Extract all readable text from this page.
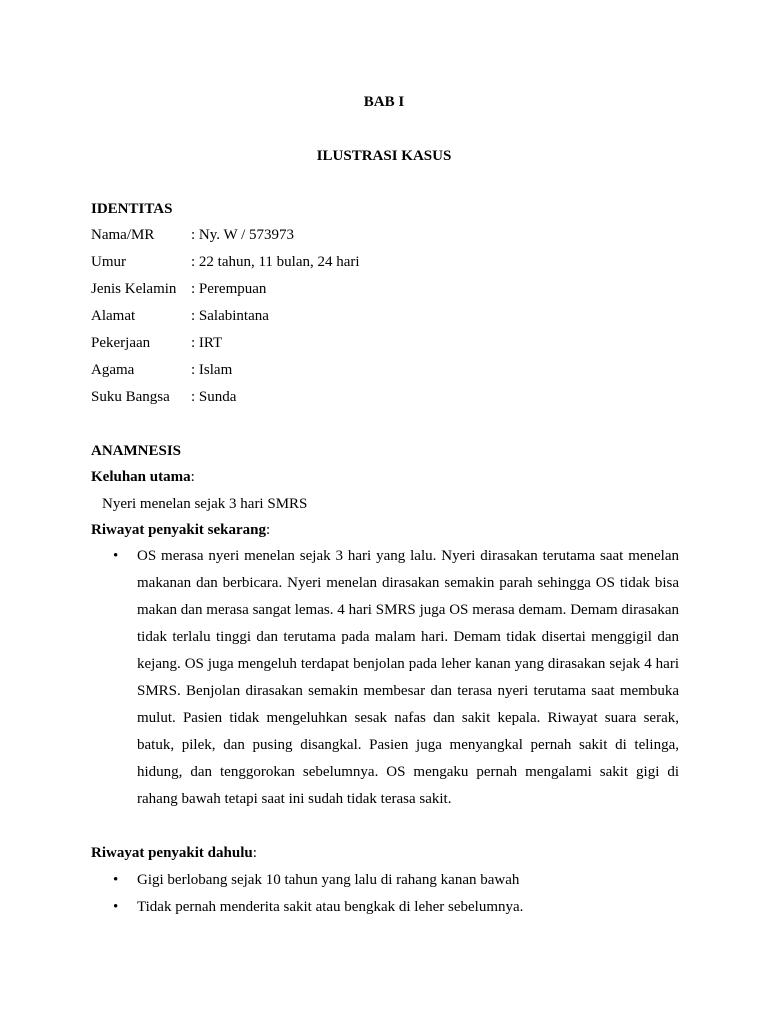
BAB I
ILUSTRASI KASUS
IDENTITAS
Nama/MR : Ny. W / 573973
Umur	: 22 tahun, 11 bulan, 24 hari
Jenis Kelamin : Perempuan
Alamat	: Salabintana
Pekerjaan	: IRT
Agama	: Islam
Suku Bangsa : Sunda
ANAMNESIS
Keluhan utama:
Nyeri menelan sejak 3 hari SMRS
Riwayat penyakit sekarang:
• OS merasa nyeri menelan sejak 3 hari yang lalu. Nyeri dirasakan terutama saat menelan makanan dan berbicara. Nyeri menelan dirasakan semakin parah sehingga OS tidak bisa makan dan merasa sangat lemas. 4 hari SMRS juga OS merasa demam. Demam dirasakan tidak terlalu tinggi dan terutama pada malam hari. Demam tidak disertai menggigil dan kejang. OS juga mengeluh terdapat benjolan pada leher kanan yang dirasakan sejak 4 hari SMRS. Benjolan dirasakan semakin membesar dan terasa nyeri terutama saat membuka mulut. Pasien tidak mengeluhkan sesak nafas dan sakit kepala. Riwayat suara serak, batuk, pilek, dan pusing disangkal. Pasien juga menyangkal pernah sakit di telinga, hidung, dan tenggorokan sebelumnya. OS mengaku pernah mengalami sakit gigi di rahang bawah tetapi saat ini sudah tidak terasa sakit.

Riwayat penyakit dahulu:
• Gigi berlobang sejak 10 tahun yang lalu di rahang kanan bawah

• Tidak pernah menderita sakit atau bengkak di leher sebelumnya.
